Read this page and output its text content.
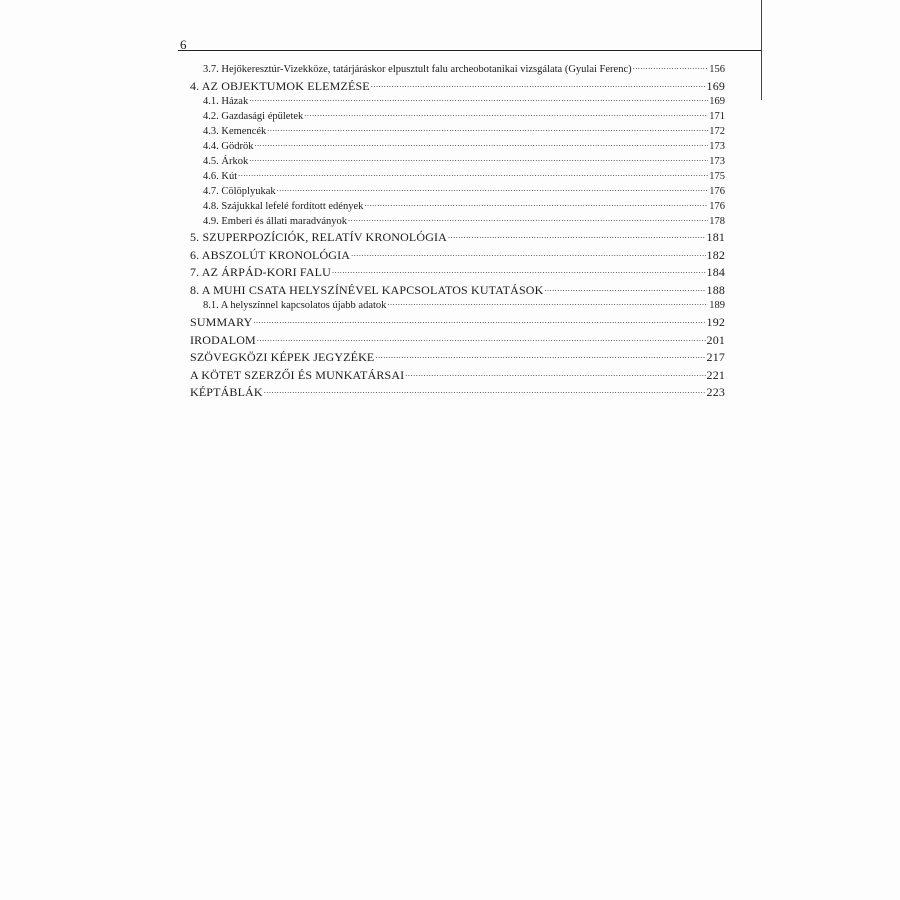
6
3.7. Hejőkeresztúr-Vizekköze, tatárjáráskor elpusztult falu archeobotanikai vizsgálata (Gyulai Ferenc) .....	156
4. AZ OBJEKTUMOK ELEMZÉSE .....	169
4.1. Házak .....	169
4.2. Gazdasági épületek .....	171
4.3. Kemencék .....	172
4.4. Gödrök .....	173
4.5. Árkok .....	173
4.6. Kút .....	175
4.7. Cölöplyukak .....	176
4.8. Szájukkal lefelé fordított edények .....	176
4.9. Emberi és állati maradványok .....	178
5. SZUPERPOZÍCIÓK, RELATÍV KRONOLÓGIA .....	181
6. ABSZOLÚT KRONOLÓGIA .....	182
7. AZ ÁRPÁD-KORI FALU .....	184
8. A MUHI CSATA HELYSZÍNÉVEL KAPCSOLATOS KUTATÁSOK .....	188
8.1. A helyszínnel kapcsolatos újabb adatok .....	189
SUMMARY .....	192
IRODALOM .....	201
SZÖVEGKÖZI KÉPEK JEGYZÉKE .....	217
A KÖTET SZERZŐI ÉS MUNKATÁRSAI .....	221
KÉPTÁBLÁK .....	223
